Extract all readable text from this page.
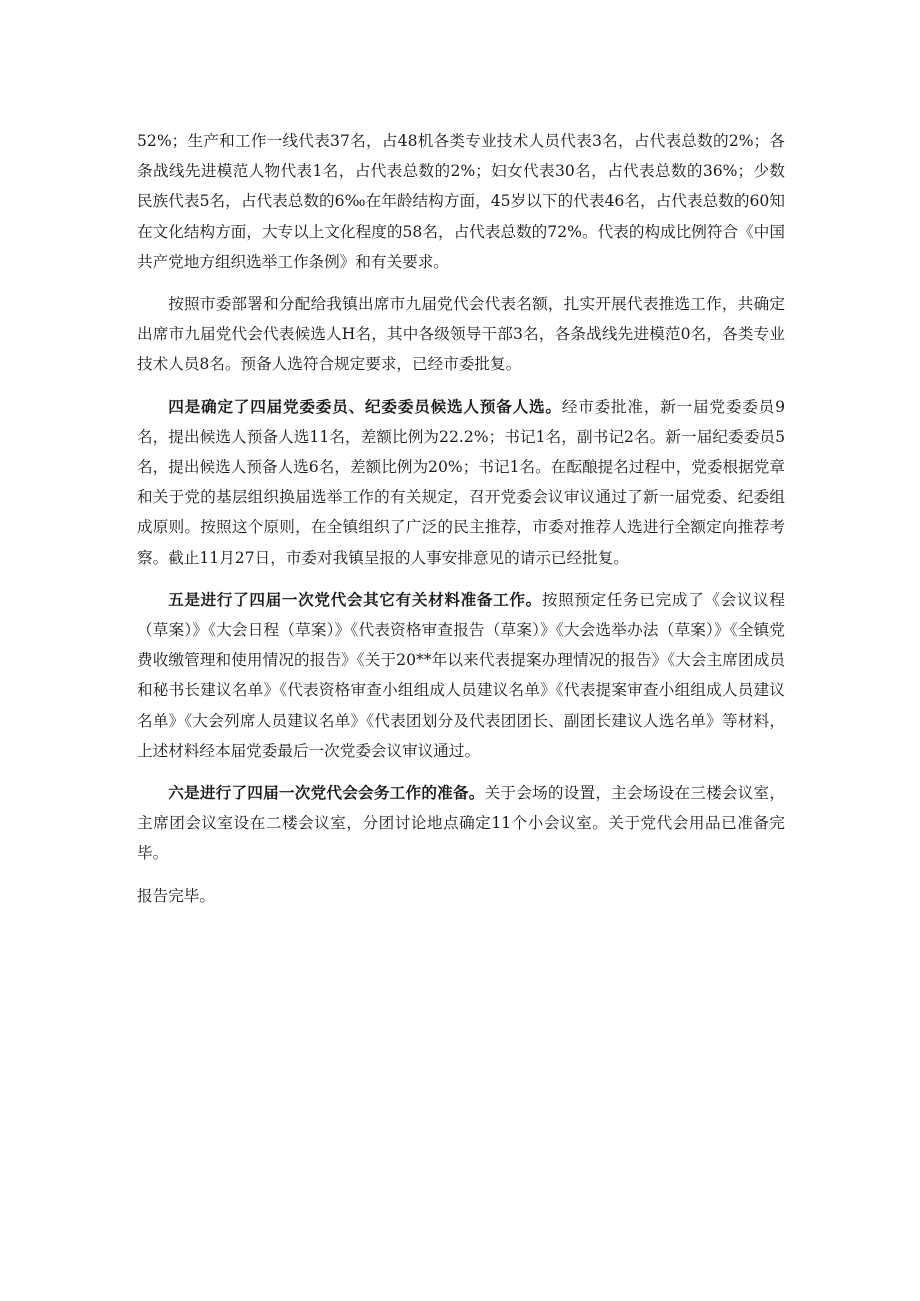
52%；生产和工作一线代表37名，占48机各类专业技术人员代表3名，占代表总数的2%；各条战线先进模范人物代表1名，占代表总数的2%；妇女代表30名，占代表总数的36%；少数民族代表5名，占代表总数的6‰在年龄结构方面，45岁以下的代表46名，占代表总数的60知在文化结构方面，大专以上文化程度的58名，占代表总数的72%。代表的构成比例符合《中国共产党地方组织选举工作条例》和有关要求。

按照市委部署和分配给我镇出席市九届党代会代表名额，扎实开展代表推选工作，共确定出席市九届党代会代表候选人H名，其中各级领导干部3名，各条战线先进模范0名，各类专业技术人员8名。预备人选符合规定要求，已经市委批复。

四是确定了四届党委委员、纪委委员候选人预备人选。经市委批准，新一届党委委员9名，提出候选人预备人选11名，差额比例为22.2%；书记1名，副书记2名。新一届纪委委员5名，提出候选人预备人选6名，差额比例为20%；书记1名。在酝酿提名过程中，党委根据党章和关于党的基层组织换届选举工作的有关规定，召开党委会议审议通过了新一届党委、纪委组成原则。按照这个原则，在全镇组织了广泛的民主推荐，市委对推荐人选进行全额定向推荐考察。截止11月27日，市委对我镇呈报的人事安排意见的请示已经批复。

五是进行了四届一次党代会其它有关材料准备工作。按照预定任务已完成了《会议议程（草案）》《大会日程（草案）》《代表资格审查报告（草案）》《大会选举办法（草案）》《全镇党费收缴管理和使用情况的报告》《关于20**年以来代表提案办理情况的报告》《大会主席团成员和秘书长建议名单》《代表资格审查小组组成人员建议名单》《代表提案审查小组组成人员建议名单》《大会列席人员建议名单》《代表团划分及代表团团长、副团长建议人选名单》等材料，上述材料经本届党委最后一次党委会议审议通过。

六是进行了四届一次党代会会务工作的准备。关于会场的设置，主会场设在三楼会议室，主席团会议室设在二楼会议室，分团讨论地点确定11个小会议室。关于党代会用品已准备完毕。

报告完毕。
